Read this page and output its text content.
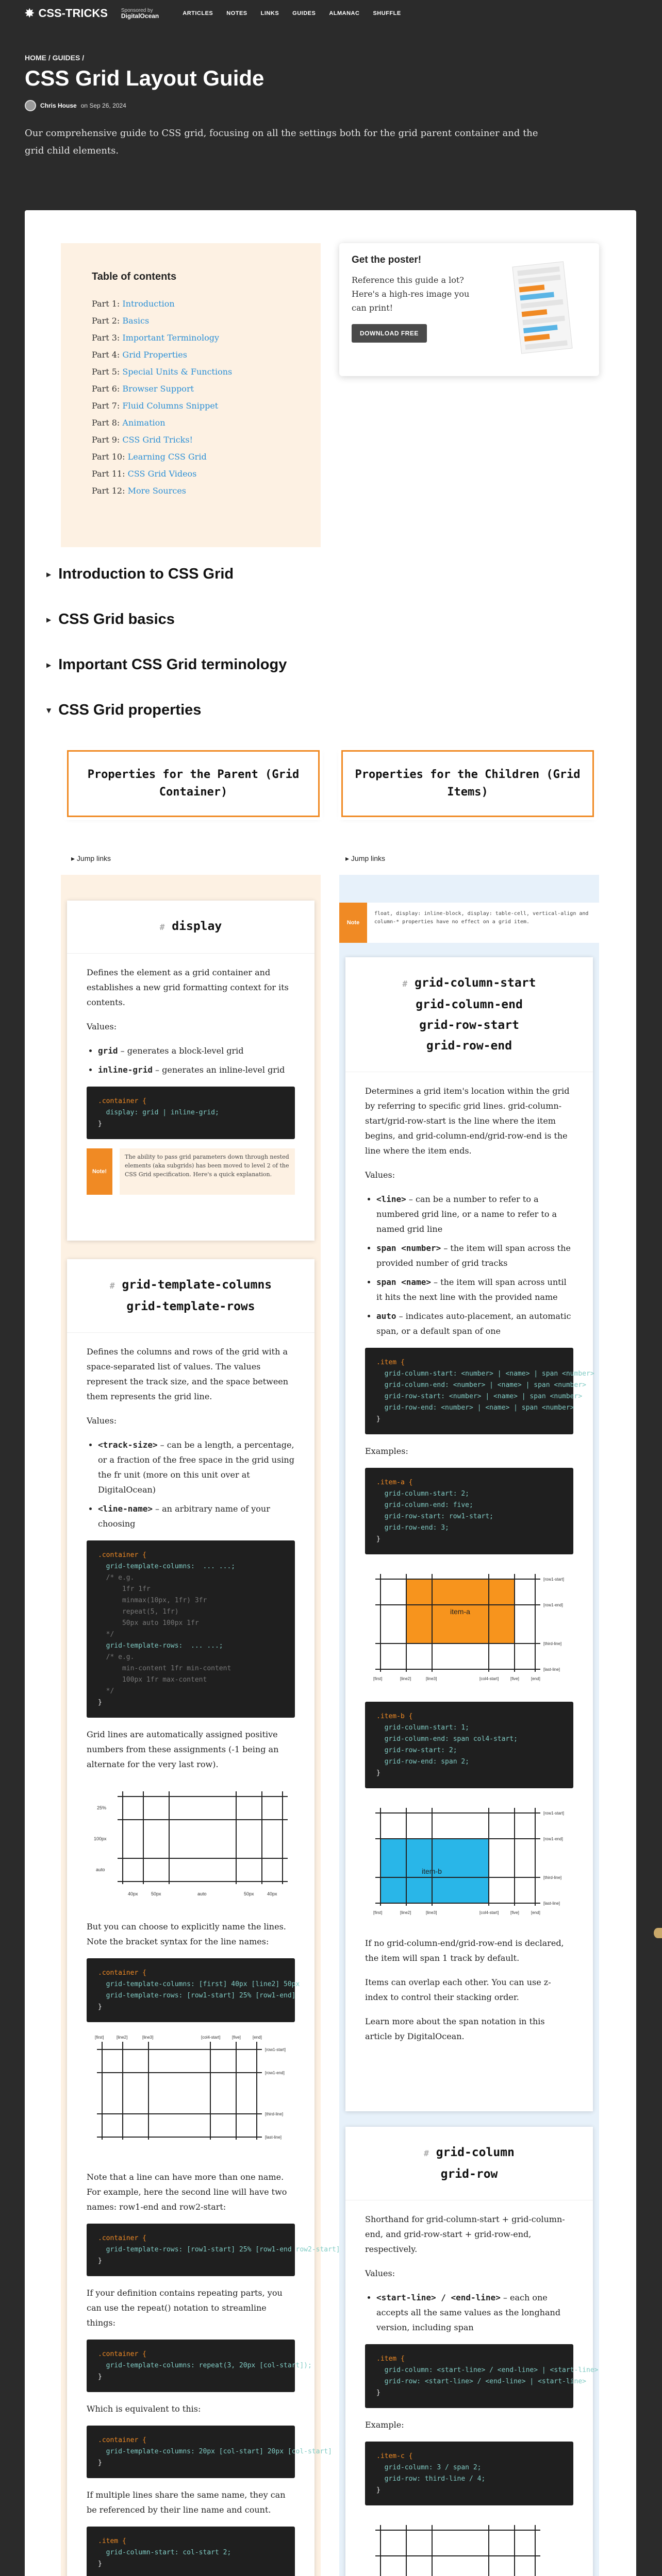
✸ CSS-TRICKS	Sponsored by
DigitalOcean	ARTICLES NOTES LINKS GUIDES ALMANAC SHUFFLE
HOME / GUIDES /
CSS Grid Layout Guide
Chris House on Sep 26, 2024

Our comprehensive guide to CSS grid, focusing on all the settings both for the grid parent container and the grid child elements.

Table of contents
Part 1: Introduction
Part 2: Basics
Part 3: Important Terminology
Part 4: Grid Properties
Part 5: Special Units & Functions
Part 6: Browser Support
Part 7: Fluid Columns Snippet
Part 8: Animation
Part 9: CSS Grid Tricks!
Part 10: Learning CSS Grid
Part 11: CSS Grid Videos
Part 12: More Sources
Get the poster!

Reference this guide a lot? Here's a high-res image you can print!

DOWNLOAD FREE
▶ Introduction to CSS Grid
▶ CSS Grid basics
▶ Important CSS Grid terminology
▼ CSS Grid properties
Properties for the Parent (Grid Container)
Properties for the Children (Grid Items)
▸ Jump links	▸ Jump links
Note
float, display: inline-block, display: table-cell, vertical-align and column-* properties have no effect on a grid item.
# display

Defines the element as a grid container and establishes a new grid formatting context for its contents.

Values:

• grid – generates a block-level grid
• inline-grid – generates an inline-level grid
.container {
display: grid | inline-grid;
}
Note!
The ability to pass grid parameters down through nested elements (aka subgrids) has been moved to level 2 of the CSS Grid specification. Here's a quick explanation.
# grid-template-columns
grid-template-rows

Defines the columns and rows of the grid with a space-separated list of values. The values represent the track size, and the space between them represents the grid line.

Values:

• <track-size> – can be a length, a percentage, or a fraction of the free space in the grid using the fr unit (more on this unit over at DigitalOcean)
• <line-name> – an arbitrary name of your choosing
.container {
grid-template-columns:  ... ...;
/* e.g.
1fr 1fr
minmax(10px, 1fr) 3fr
repeat(5, 1fr)
50px auto 100px 1fr
*/
grid-template-rows:  ... ...;
/* e.g.
min-content 1fr min-content
100px 1fr max-content
*/
}

Grid lines are automatically assigned positive numbers from these assignments (-1 being an alternate for the very last row).

25%
100px
auto
40px	50px	auto	50px	40px

But you can choose to explicitly name the lines. Note the bracket syntax for the line names:

.container {
grid-template-columns: [first] 40px [line2] 50px
grid-template-rows: [row1-start] 25% [row1-end]
}
[first]	[line2]	[line3]	[col4-start]	[five]	[end]
[row1-start]
[row1-end]
[third-line]
[last-line]

Note that a line can have more than one name. For example, here the second line will have two names: row1-end and row2-start:

.container {
grid-template-rows: [row1-start] 25% [row1-end row2-start]
}

If your definition contains repeating parts, you can use the repeat() notation to streamline things:

.container {
grid-template-columns: repeat(3, 20px [col-start]);
}

Which is equivalent to this:

.container {
grid-template-columns: 20px [col-start] 20px [col-start]
}

If multiple lines share the same name, they can be referenced by their line name and count.

.item {
grid-column-start: col-start 2;
}

# grid-column-start
grid-column-end
grid-row-start
grid-row-end

Determines a grid item's location within the grid by referring to specific grid lines. grid-column-start/grid-row-start is the line where the item begins, and grid-column-end/grid-row-end is the line where the item ends.

Values:

• <line> – can be a number to refer to a numbered grid line, or a name to refer to a named grid line
• span <number> – the item will span across the provided number of grid tracks
• span <name> – the item will span across until it hits the next line with the provided name
• auto – indicates auto-placement, an automatic span, or a default span of one
.item {
grid-column-start: <number> | <name> | span <number>
grid-column-end: <number> | <name> | span <number>
grid-row-start: <number> | <name> | span <number>
grid-row-end: <number> | <name> | span <number>
}

Examples:

.item-a {
grid-column-start: 2;
grid-column-end: five;
grid-row-start: row1-start;
grid-row-end: 3;
}
item-a
[first]	[line2]	[line3]	[col4-start]	[five]	[end]
[row1-start]
[row1-end]
[third-line]
[last-line]
.item-b {
grid-column-start: 1;
grid-column-end: span col4-start;
grid-row-start: 2;
grid-row-end: span 2;
}
item-b
[first]	[line2]	[line3]	[col4-start]	[five]	[end]
[row1-start]
[row1-end]
[third-line]
[last-line]

If no grid-column-end/grid-row-end is declared, the item will span 1 track by default.

Items can overlap each other. You can use z-index to control their stacking order.

Learn more about the span notation in this article by DigitalOcean.

# grid-column
grid-row

Shorthand for grid-column-start + grid-column-end, and grid-row-start + grid-row-end, respectively.

Values:

• <start-line> / <end-line> – each one accepts all the same values as the longhand version, including span
.item {
grid-column: <start-line> / <end-line> | <start-line>
grid-row: <start-line> / <end-line> | <start-line>
}

Example:

.item-c {
grid-column: 3 / span 2;
grid-row: third-line / 4;
}
